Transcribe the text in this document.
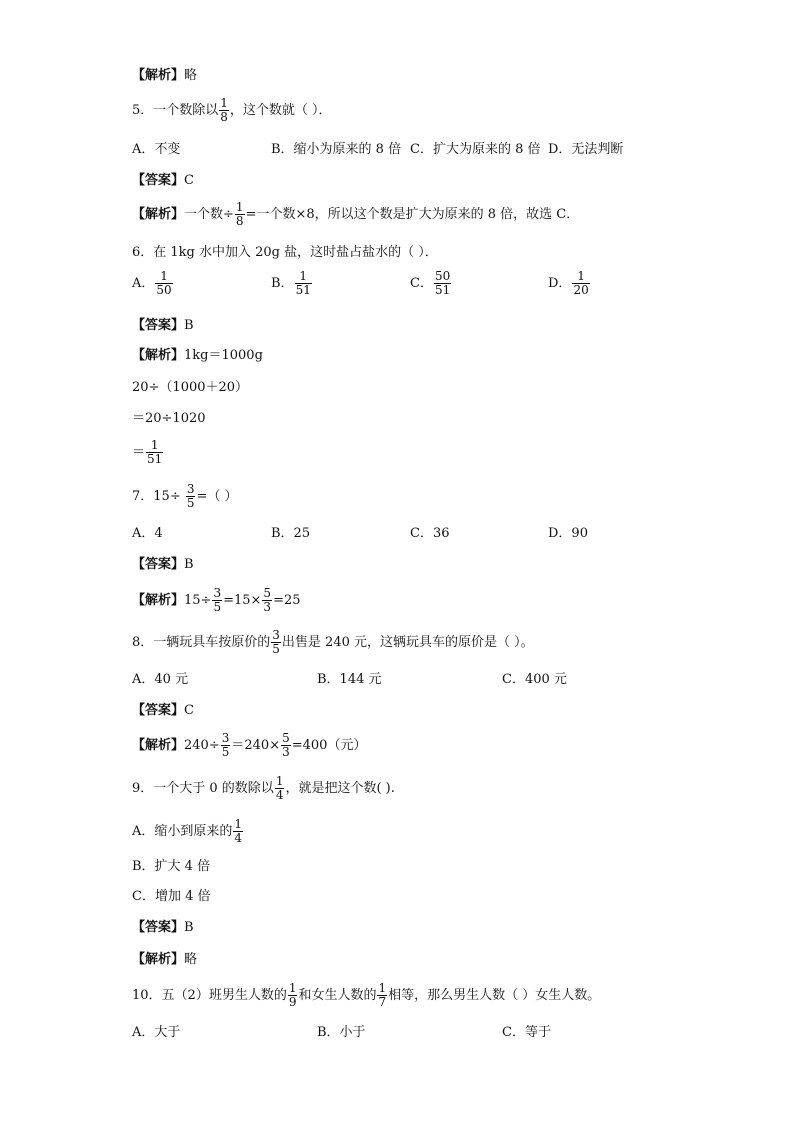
【解析】略
5．一个数除以 $\frac{1}{8}$ ，这个数就（ ）．
A．不变	B．缩小为原来的 8 倍 C．扩大为原来的 8 倍 D．无法判断
【答案】C
【解析】一个数÷ $\frac{1}{8}$ =一个数×8，所以这个数是扩大为原来的 8 倍，故选 C．
6．在 1kg 水中加入 20g 盐，这时盐占盐水的（ ）．
A． $\frac{1}{50}$	B． $\frac{1}{51}$	C． $\frac{50}{51}$	D． $\frac{1}{20}$
【答案】B
【解析】1kg＝1000g
20÷（1000＋20）
＝20÷1020
＝ $\frac{1}{51}$
7．$15\div \frac{3}{5}$ =（ ）
A．4	B．25	C．36	D．90
【答案】B
【解析】$15\div \frac{3}{5} =15\times \frac{5}{3} =25$
8．一辆玩具车按原价的 $\frac{3}{5}$ 出售是 240 元，这辆玩具车的原价是（ ）。
A．40 元	B．144 元	C．400 元
【答案】C
【解析】$240\div \frac{3}{5} =240\times \frac{5}{3} =400$（元）
9．一个大于 0 的数除以 $\frac{1}{4}$ ，就是把这个数( ).
A．缩小到原来的 $\frac{1}{4}$
B．扩大 4 倍
C．增加 4 倍
【答案】B
【解析】略
10．五（2）班男生人数的 $\frac{1}{9}$ 和女生人数的 $\frac{1}{7}$ 相等，那么男生人数（ ）女生人数。
A．大于	B．小于	C．等于
